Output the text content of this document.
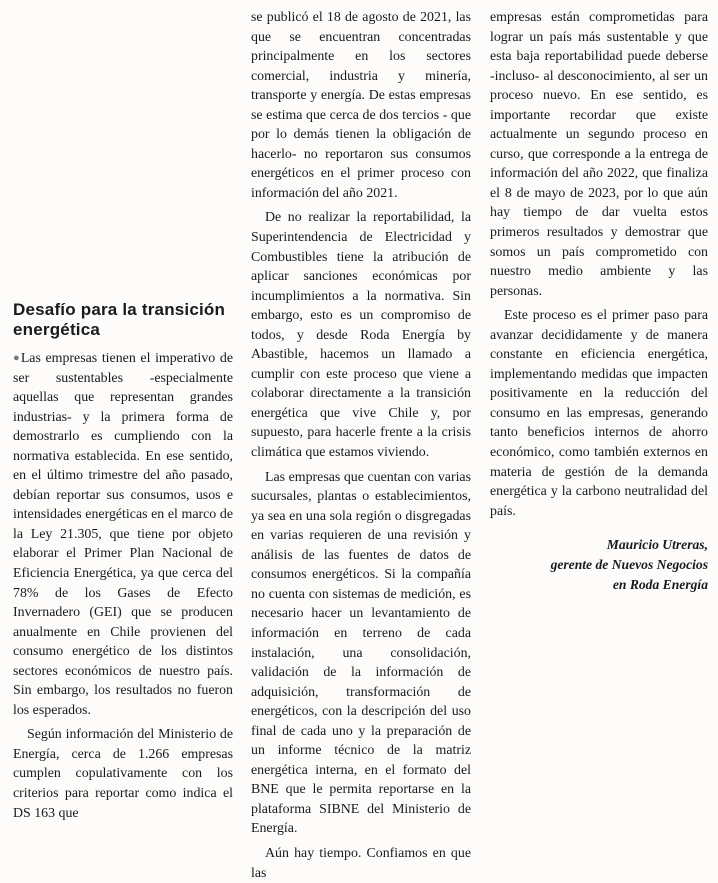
Desafío para la transición energética

●Las empresas tienen el imperativo de ser sustentables -especialmente aquellas que representan grandes industrias- y la primera forma de demostrarlo es cumpliendo con la normativa establecida. En ese sentido, en el último trimestre del año pasado, debían reportar sus consumos, usos e intensidades energéticas en el marco de la Ley 21.305, que tiene por objeto elaborar el Primer Plan Nacional de Eficiencia Energética, ya que cerca del 78% de los Gases de Efecto Invernadero (GEI) que se producen anualmente en Chile provienen del consumo energético de los distintos sectores económicos de nuestro país. Sin embargo, los resultados no fueron los esperados.

Según información del Ministerio de Energía, cerca de 1.266 empresas cumplen copulativamente con los criterios para reportar como indica el DS 163 que

se publicó el 18 de agosto de 2021, las que se encuentran concentradas principalmente en los sectores comercial, industria y minería, transporte y energía. De estas empresas se estima que cerca de dos tercios - que por lo demás tienen la obligación de hacerlo- no reportaron sus consumos energéticos en el primer proceso con información del año 2021.

De no realizar la reportabilidad, la Superintendencia de Electricidad y Combustibles tiene la atribución de aplicar sanciones económicas por incumplimientos a la normativa. Sin embargo, esto es un compromiso de todos, y desde Roda Energía by Abastible, hacemos un llamado a cumplir con este proceso que viene a colaborar directamente a la transición energética que vive Chile y, por supuesto, para hacerle frente a la crisis climática que estamos viviendo.

Las empresas que cuentan con varias sucursales, plantas o establecimientos, ya sea en una sola región o disgregadas en varias requieren de una revisión y análisis de las fuentes de datos de consumos energéticos. Si la compañía no cuenta con sistemas de medición, es necesario hacer un levantamiento de información en terreno de cada instalación, una consolidación, validación de la información de adquisición, transformación de energéticos, con la descripción del uso final de cada uno y la preparación de un informe técnico de la matriz energética interna, en el formato del BNE que le permita reportarse en la plataforma SIBNE del Ministerio de Energía.

Aún hay tiempo. Confiamos en que las

empresas están comprometidas para lograr un país más sustentable y que esta baja reportabilidad puede deberse -incluso- al desconocimiento, al ser un proceso nuevo. En ese sentido, es importante recordar que existe actualmente un segundo proceso en curso, que corresponde a la entrega de información del año 2022, que finaliza el 8 de mayo de 2023, por lo que aún hay tiempo de dar vuelta estos primeros resultados y demostrar que somos un país comprometido con nuestro medio ambiente y las personas.

Este proceso es el primer paso para avanzar decididamente y de manera constante en eficiencia energética, implementando medidas que impacten positivamente en la reducción del consumo en las empresas, generando tanto beneficios internos de ahorro económico, como también externos en materia de gestión de la demanda energética y la carbono neutralidad del país.

Mauricio Utreras,
gerente de Nuevos Negocios
en Roda Energía
